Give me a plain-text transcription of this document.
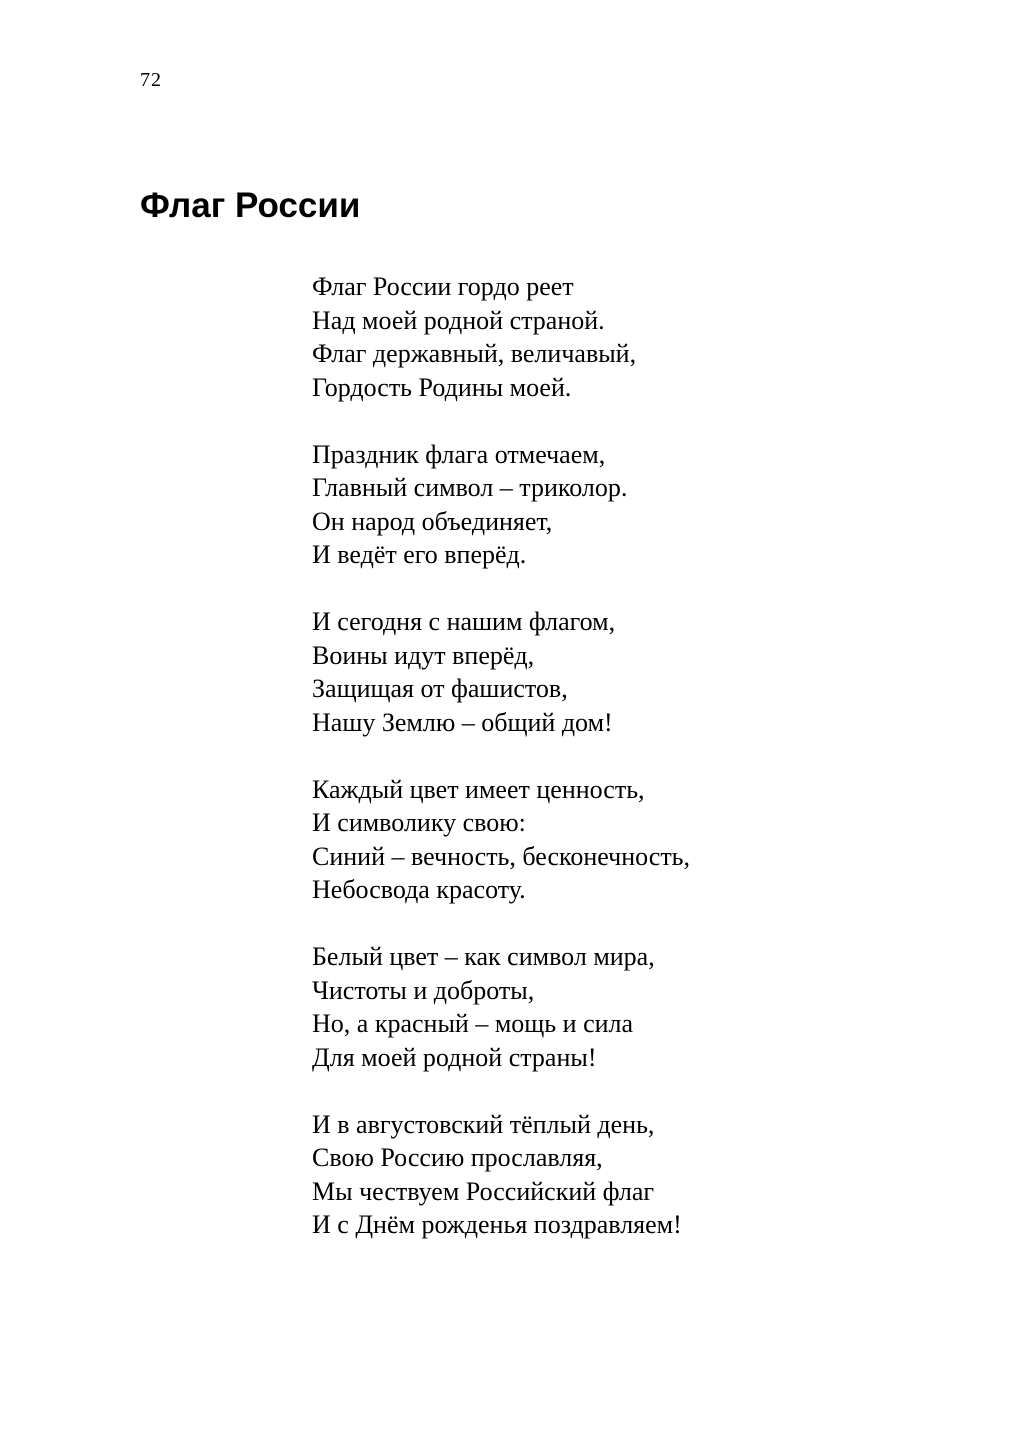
72
Флаг России
Флаг России гордо реет
Над моей родной страной.
Флаг державный, величавый,
Гордость Родины моей.
Праздник флага отмечаем,
Главный символ – триколор.
Он народ объединяет,
И ведёт его вперёд.
И сегодня с нашим флагом,
Воины идут вперёд,
Защищая от фашистов,
Нашу Землю – общий дом!
Каждый цвет имеет ценность,
И символику свою:
Синий – вечность, бесконечность,
Небосвода красоту.
Белый цвет – как символ мира,
Чистоты и доброты,
Но, а красный – мощь и сила
Для моей родной страны!
И в августовский тёплый день,
Свою Россию прославляя,
Мы чествуем Российский флаг
И с Днём рожденья поздравляем!
